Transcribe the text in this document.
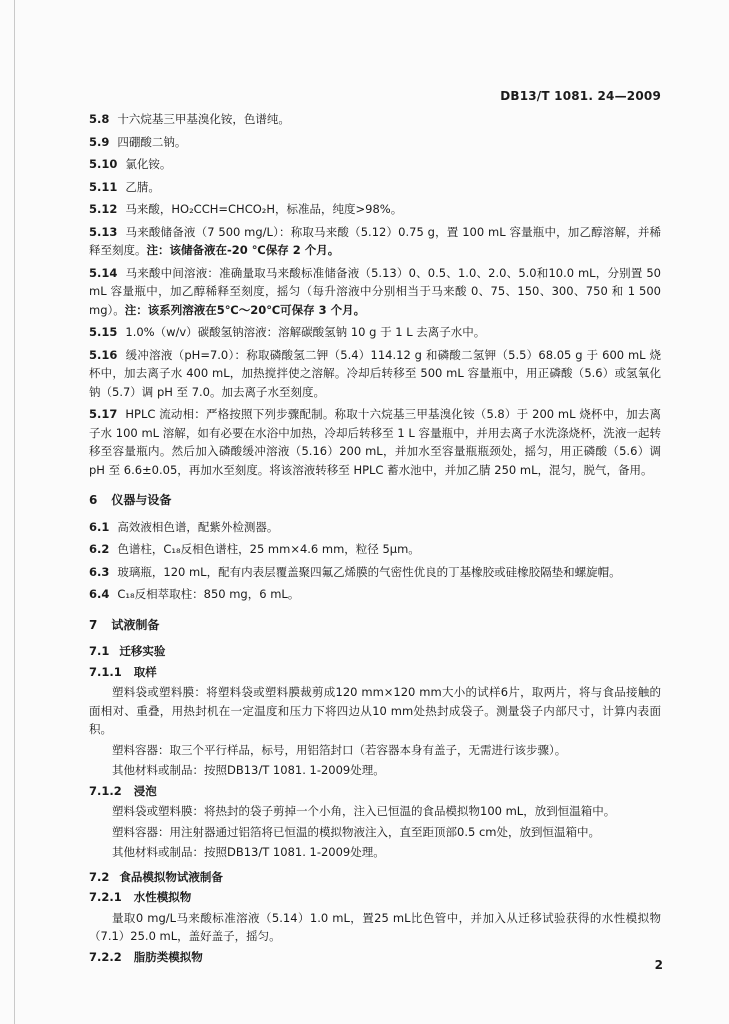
DB13/T 1081. 24—2009
5.8 十六烷基三甲基溴化铵，色谱纯。
5.9 四硼酸二钠。
5.10 氯化铵。
5.11 乙腈。
5.12 马来酸，HO₂CCH=CHCO₂H，标准品，纯度>98%。
5.13 马来酸储备液（7 500 mg/L）：称取马来酸（5.12）0.75 g，置 100 mL 容量瓶中，加乙醇溶解，并稀释至刻度。注：该储备液在-20 ℃保存 2 个月。
5.14 马来酸中间溶液：准确量取马来酸标准储备液（5.13）0、0.5、1.0、2.0、5.0和10.0 mL，分别置 50 mL 容量瓶中，加乙醇稀释至刻度，摇匀（每升溶液中分别相当于马来酸 0、75、150、300、750 和 1 500 mg）。注：该系列溶液在5℃～20℃可保存 3 个月。
5.15 1.0%（w/v）碳酸氢钠溶液：溶解碳酸氢钠 10 g 于 1 L 去离子水中。
5.16 缓冲溶液（pH=7.0）：称取磷酸氢二钾（5.4）114.12 g 和磷酸二氢钾（5.5）68.05 g 于 600 mL 烧杯中，加去离子水 400 mL，加热搅拌使之溶解。冷却后转移至 500 mL 容量瓶中，用正磷酸（5.6）或氢氧化钠（5.7）调 pH 至 7.0。加去离子水至刻度。
5.17 HPLC 流动相：严格按照下列步骤配制。称取十六烷基三甲基溴化铵（5.8）于 200 mL 烧杯中，加去离子水 100 mL 溶解，如有必要在水浴中加热，冷却后转移至 1 L 容量瓶中，并用去离子水洗涤烧杯，洗液一起转移至容量瓶内。然后加入磷酸缓冲溶液（5.16）200 mL，并加水至容量瓶瓶颈处，摇匀，用正磷酸（5.6）调 pH 至 6.6±0.05，再加水至刻度。将该溶液转移至 HPLC 蓄水池中，并加乙腈 250 mL，混匀，脱气，备用。
6 仪器与设备
6.1 高效液相色谱，配紫外检测器。
6.2 色谱柱，C₁₈反相色谱柱，25 mm×4.6 mm，粒径 5μm。
6.3 玻璃瓶，120 mL，配有内表层覆盖聚四氟乙烯膜的气密性优良的丁基橡胶或硅橡胶隔垫和螺旋帽。
6.4 C₁₈反相萃取柱：850 mg，6 mL。
7 试液制备
7.1 迁移实验
7.1.1 取样

塑料袋或塑料膜：将塑料袋或塑料膜裁剪成120 mm×120 mm大小的试样6片，取两片，将与食品接触的面相对、重叠，用热封机在一定温度和压力下将四边从10 mm处热封成袋子。测量袋子内部尺寸，计算内表面积。

塑料容器：取三个平行样品，标号，用铝箔封口（若容器本身有盖子，无需进行该步骤）。

其他材料或制品：按照DB13/T 1081. 1-2009处理。

7.1.2 浸泡

塑料袋或塑料膜：将热封的袋子剪掉一个小角，注入已恒温的食品模拟物100 mL，放到恒温箱中。

塑料容器：用注射器通过铝箔将已恒温的模拟物液注入，直至距顶部0.5 cm处，放到恒温箱中。

其他材料或制品：按照DB13/T 1081. 1-2009处理。

7.2 食品模拟物试液制备
7.2.1 水性模拟物

量取0 mg/L马来酸标准溶液（5.14）1.0 mL，置25 mL比色管中，并加入从迁移试验获得的水性模拟物（7.1）25.0 mL，盖好盖子，摇匀。

7.2.2 脂肪类模拟物
2
